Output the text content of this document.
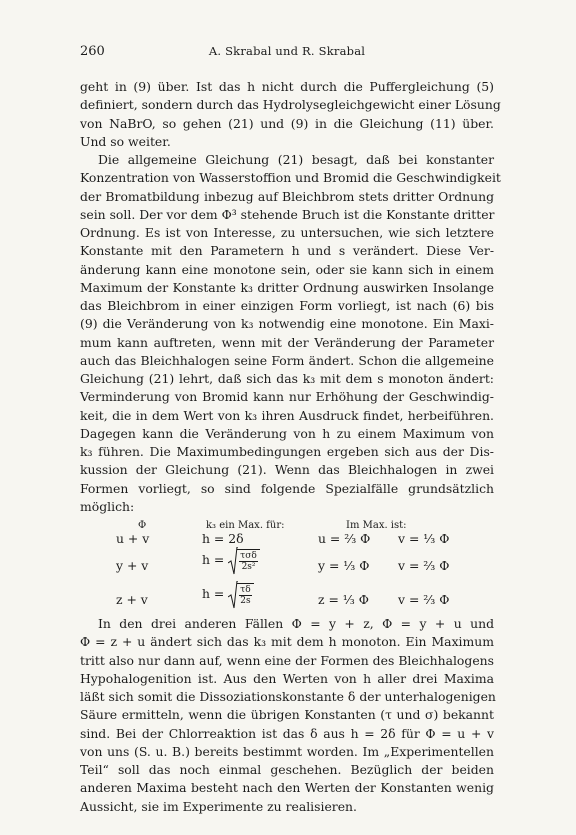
260	A. Skrabal und R. Skrabal
geht in (9) über. Ist das h nicht durch die Puffergleichung (5)
definiert, sondern durch das Hydrolysegleichgewicht einer Lösung
von NaBrO, so gehen (21) und (9) in die Gleichung (11) über.
Und so weiter.
Die allgemeine Gleichung (21) besagt, daß bei konstanter
Konzentration von Wasserstoffion und Bromid die Geschwindigkeit
der Bromatbildung inbezug auf Bleichbrom stets dritter Ordnung
sein soll. Der vor dem Φ³ stehende Bruch ist die Konstante dritter
Ordnung. Es ist von Interesse, zu untersuchen, wie sich letztere
Konstante mit den Parametern h und s verändert. Diese Ver-
änderung kann eine monotone sein, oder sie kann sich in einem
Maximum der Konstante k₃ dritter Ordnung auswirken Insolange
das Bleichbrom in einer einzigen Form vorliegt, ist nach (6) bis
(9) die Veränderung von k₃ notwendig eine monotone. Ein Maxi-
mum kann auftreten, wenn mit der Veränderung der Parameter
auch das Bleichhalogen seine Form ändert. Schon die allgemeine
Gleichung (21) lehrt, daß sich das k₃ mit dem s monoton ändert:
Verminderung von Bromid kann nur Erhöhung der Geschwindig-
keit, die in dem Wert von k₃ ihren Ausdruck findet, herbeiführen.
Dagegen kann die Veränderung von h zu einem Maximum von
k₃ führen. Die Maximumbedingungen ergeben sich aus der Dis-
kussion der Gleichung (21). Wenn das Bleichhalogen in zwei
Formen vorliegt, so sind folgende Spezialfälle grundsätzlich
möglich:
Φ	k₃ ein Max. für:	Im Max. ist:
u + v	h = 2δ	u = ⅔ Φ v = ⅓ Φ
y + v	$h = \frac{\text{τσδ}}{\text{2s²}}$	y = ⅓ Φ v = ⅔ Φ
z + v	$h = \frac{\tau\delta}{2s}$	z = ⅓ Φ v = ⅔ Φ
In den drei anderen Fällen Φ = y + z, Φ = y + u und
Φ = z + u ändert sich das k₃ mit dem h monoton. Ein Maximum
tritt also nur dann auf, wenn eine der Formen des Bleichhalogens
Hypohalogenition ist. Aus den Werten von h aller drei Maxima
läßt sich somit die Dissoziationskonstante δ der unterhalogenigen
Säure ermitteln, wenn die übrigen Konstanten (τ und σ) bekannt
sind. Bei der Chlorreaktion ist das δ aus h = 2δ für Φ = u + v
von uns (S. u. B.) bereits bestimmt worden. Im „Experimentellen
Teil“ soll das noch einmal geschehen. Bezüglich der beiden
anderen Maxima besteht nach den Werten der Konstanten wenig
Aussicht, sie im Experimente zu realisieren.
